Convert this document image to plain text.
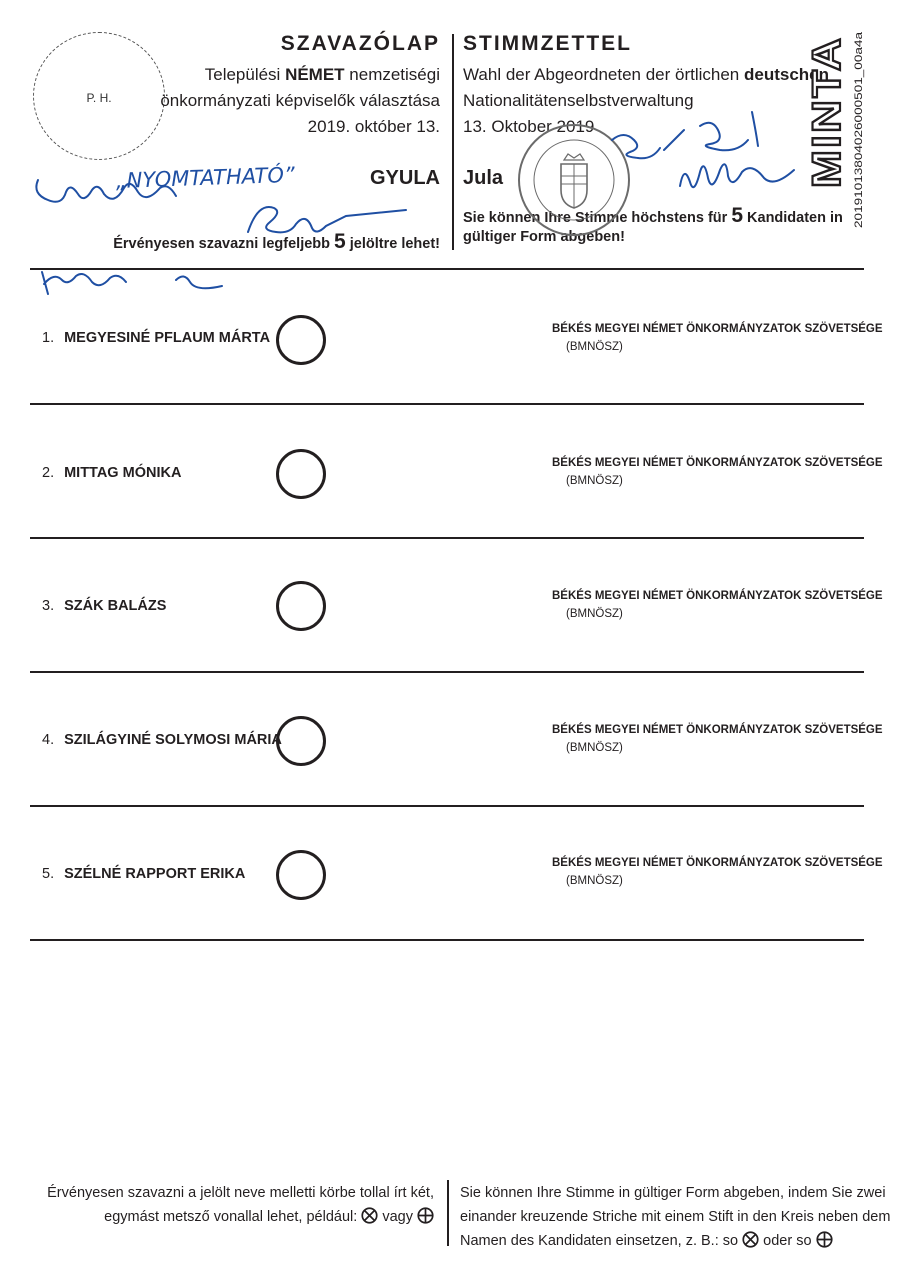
P. H.
SZAVAZÓLAP
Települési NÉMET nemzetiségi
önkormányzati képviselők választása
2019. október 13.
GYULA
Érvényesen szavazni legfeljebb 5 jelöltre lehet!
STIMMZETTEL
Wahl der Abgeordneten der örtlichen deutschen
Nationalitätenselbstverwaltung
13. Oktober 2019
Jula
Sie können Ihre Stimme höchstens für 5 Kandidaten in
gültiger Form abgeben!
MINTA 20191013804026000501_00a4a
„NYOMTATHATÓ”
1. MEGYESINÉ PFLAUM MÁRTA
BÉKÉS MEGYEI NÉMET ÖNKORMÁNYZATOK SZÖVETSÉGE
(BMNÖSZ)
2. MITTAG MÓNIKA
BÉKÉS MEGYEI NÉMET ÖNKORMÁNYZATOK SZÖVETSÉGE
(BMNÖSZ)
3. SZÁK BALÁZS
BÉKÉS MEGYEI NÉMET ÖNKORMÁNYZATOK SZÖVETSÉGE
(BMNÖSZ)
4. SZILÁGYINÉ SOLYMOSI MÁRIA
BÉKÉS MEGYEI NÉMET ÖNKORMÁNYZATOK SZÖVETSÉGE
(BMNÖSZ)
5. SZÉLNÉ RAPPORT ERIKA
BÉKÉS MEGYEI NÉMET ÖNKORMÁNYZATOK SZÖVETSÉGE
(BMNÖSZ)
Érvényesen szavazni a jelölt neve melletti körbe tollal írt két,
egymást metsző vonallal lehet, például: vagy
Sie können Ihre Stimme in gültiger Form abgeben, indem Sie zwei
einander kreuzende Striche mit einem Stift in den Kreis neben dem
Namen des Kandidaten einsetzen, z. B.: so oder so
